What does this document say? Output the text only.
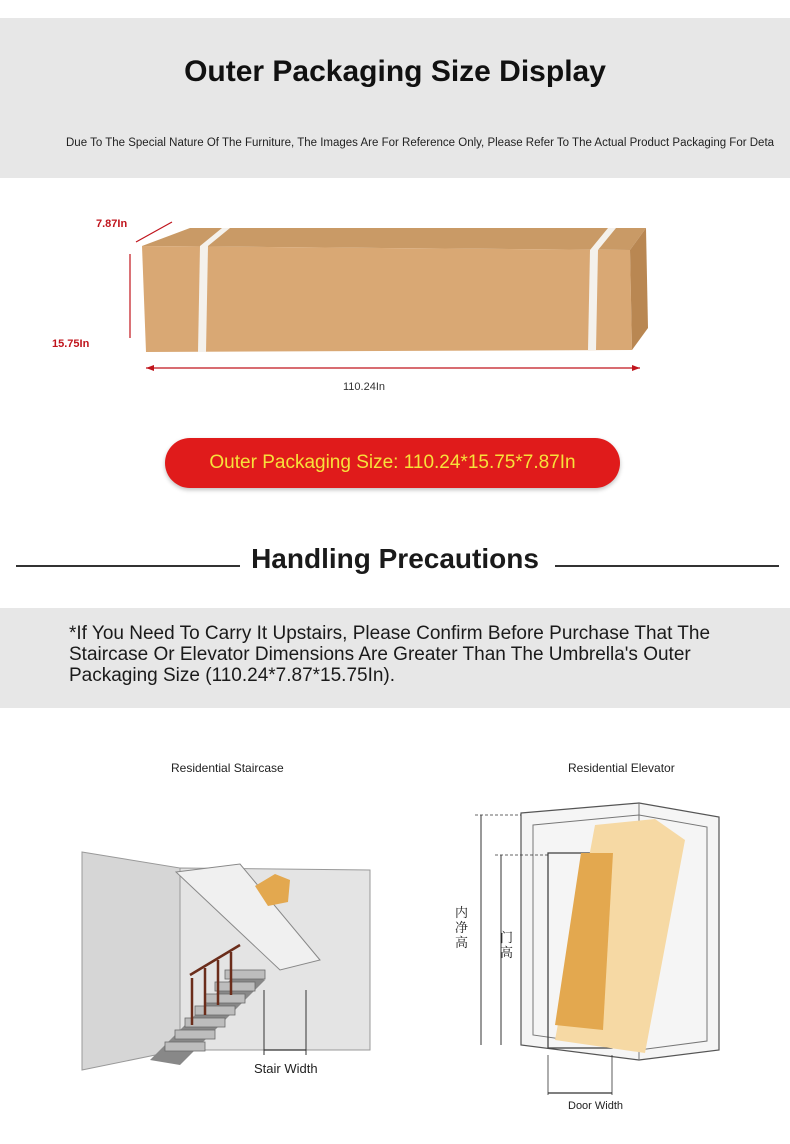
Outer Packaging Size Display
Due To The Special Nature Of The Furniture, The Images Are For Reference Only, Please Refer To The Actual Product Packaging For Deta
7.87In
15.75In
110.24In
Outer Packaging Size: 110.24*15.75*7.87In
Handling Precautions
*If You Need To Carry It Upstairs, Please Confirm Before Purchase That The Staircase Or Elevator Dimensions Are Greater Than The Umbrella's Outer Packaging Size (110.24*7.87*15.75In).
Residential Staircase
Stair Width
Residential Elevator
内净高	门高
Door Width
